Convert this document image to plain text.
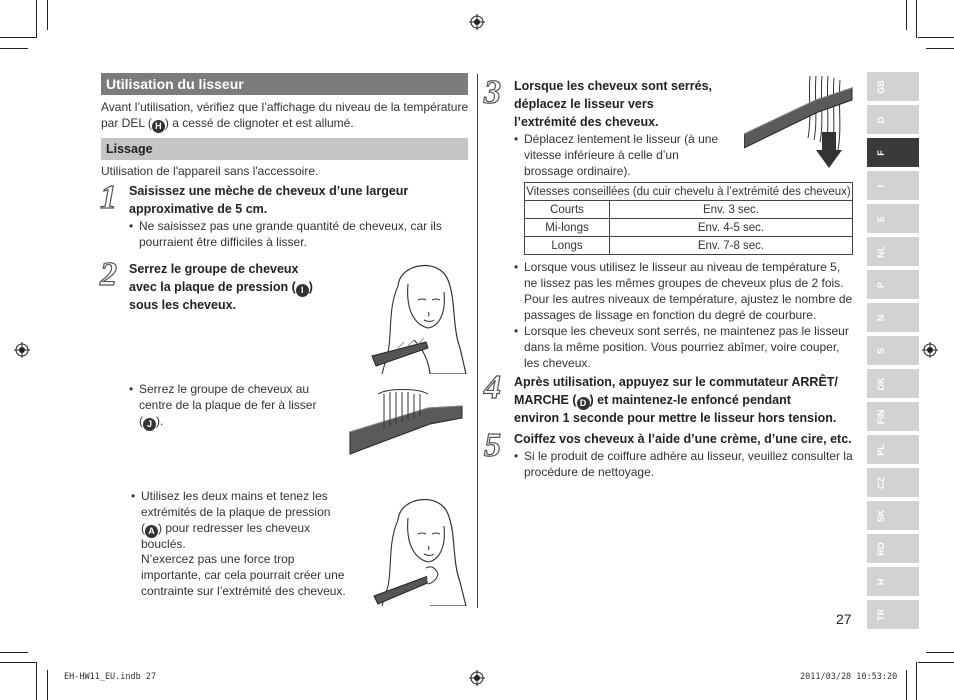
Utilisation du lisseur
Avant l’utilisation, vérifiez que l’affichage du niveau de la température
par DEL ( H ) a cessé de clignoter et est allumé.
Lissage
Utilisation de l'appareil sans l'accessoire.
1 Saisissez une mèche de cheveux d’une largeur
approximative de 5 cm.
• Ne saisissez pas une grande quantité de cheveux, car ils
pourraient être difficiles à lisser.
2 Serrez le groupe de cheveux
avec la plaque de pression ( I )
sous les cheveux.
• Serrez le groupe de cheveux au
centre de la plaque de fer à lisser
( J ).
• Utilisez les deux mains et tenez les
extrémités de la plaque de pression
( A ) pour redresser les cheveux
bouclés.
N’exercez pas une force trop
importante, car cela pourrait créer une
contrainte sur l’extrémité des cheveux.
3 Lorsque les cheveux sont serrés,
déplacez le lisseur vers
l’extrémité des cheveux.
• Déplacez lentement le lisseur (à une
vitesse inférieure à celle d’un
brossage ordinaire).
Vitesses conseillées (du cuir chevelu à l’extrémité des cheveux)	
Courts	Env. 3 sec.
Mi-longs	Env. 4-5 sec.
Longs	Env. 7-8 sec.
• Lorsque vous utilisez le lisseur au niveau de température 5,
ne lissez pas les mêmes groupes de cheveux plus de 2 fois.
Pour les autres niveaux de température, ajustez le nombre de
passages de lissage en fonction du degré de courbure.
• Lorsque les cheveux sont serrés, ne maintenez pas le lisseur
dans la même position. Vous pourriez abîmer, voire couper,
les cheveux.
4 Après utilisation, appuyez sur le commutateur ARRÊT/
MARCHE ( D ) et maintenez-le enfoncé pendant
environ 1 seconde pour mettre le lisseur hors tension.
5 Coiffez vos cheveux à l’aide d’une crème, d’une cire, etc.
• Si le produit de coiffure adhère au lisseur, veuillez consulter la
procédure de nettoyage.
GB
D
F
I
E
NL
P
N
S
DK
FIN
PL
CZ
SK
RO
H
TR
27
EH-HW11_EU.indb 27	2011/03/28 10:53:20
